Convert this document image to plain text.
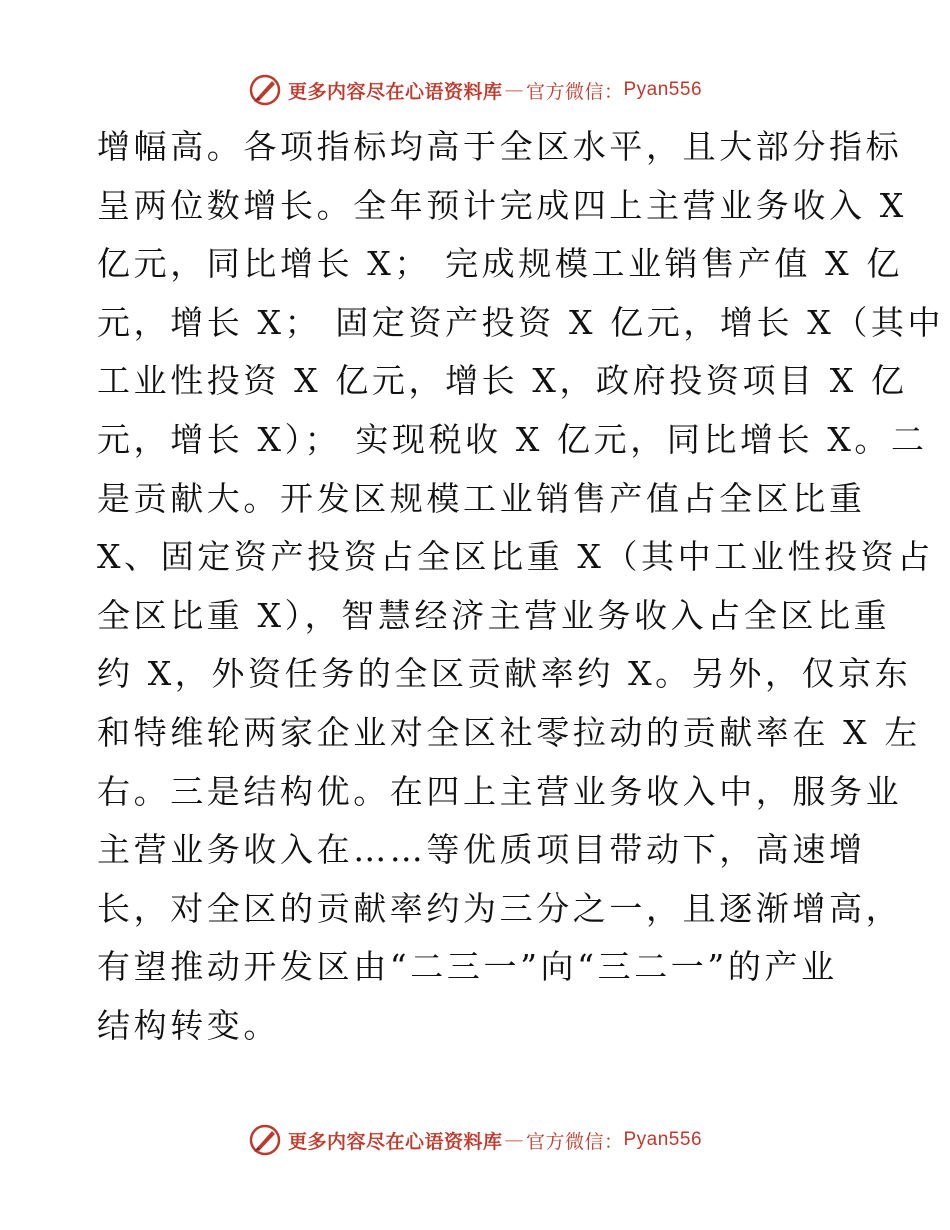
更多内容尽在心语资料库 — 官方微信： Pyan556
增幅高。各项指标均高于全区水平，且大部分指标
呈两位数增长。全年预计完成四上主营业务收入 X
亿元，同比增长 X； 完成规模工业销售产值 X 亿
元，增长 X； 固定资产投资 X 亿元，增长 X（其中
工业性投资 X 亿元，增长 X，政府投资项目 X 亿
元，增长 X）； 实现税收 X 亿元，同比增长 X。二
是贡献大。开发区规模工业销售产值占全区比重
X、固定资产投资占全区比重 X（其中工业性投资占
全区比重 X），智慧经济主营业务收入占全区比重
约 X，外资任务的全区贡献率约 X。另外，仅京东
和特维轮两家企业对全区社零拉动的贡献率在 X 左
右。三是结构优。在四上主营业务收入中，服务业
主营业务收入在……等优质项目带动下，高速增
长，对全区的贡献率约为三分之一，且逐渐增高，
有望推动开发区由“二三一”向“三二一”的产业
结构转变。
更多内容尽在心语资料库 — 官方微信： Pyan556
